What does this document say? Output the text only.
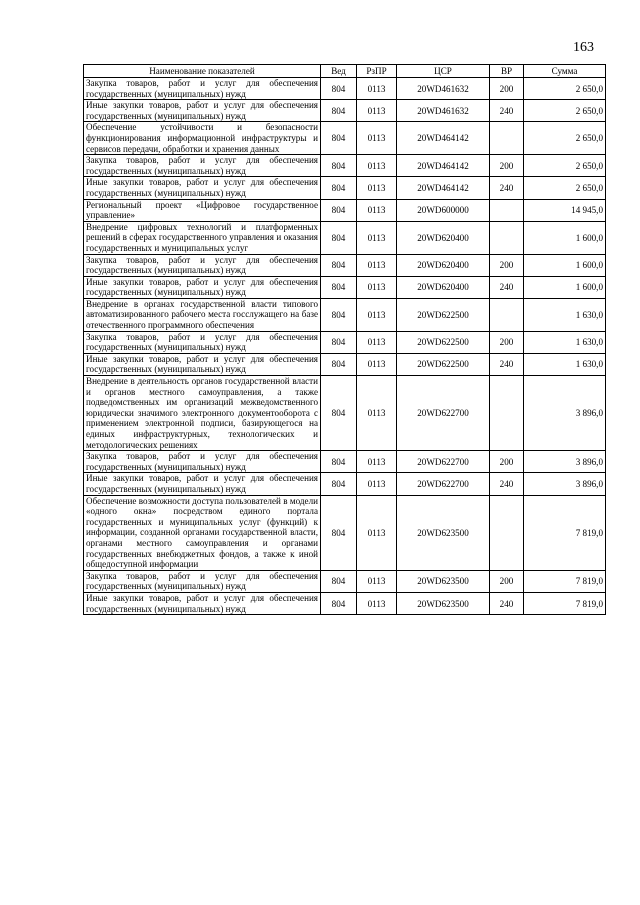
163
Наименование показателей	Вед	РзПР	ЦСР	ВР	Сумма
Закупка товаров, работ и услуг для обеспечения государственных (муниципальных) нужд	804	0113	20WD461632	200	2 650,0
Иные закупки товаров, работ и услуг для обеспечения государственных (муниципальных) нужд	804	0113	20WD461632	240	2 650,0
Обеспечение устойчивости и безопасности функционирования информационной инфраструктуры и сервисов передачи, обработки и хранения данных	804	0113	20WD464142		2 650,0
Закупка товаров, работ и услуг для обеспечения государственных (муниципальных) нужд	804	0113	20WD464142	200	2 650,0
Иные закупки товаров, работ и услуг для обеспечения государственных (муниципальных) нужд	804	0113	20WD464142	240	2 650,0
Региональный проект «Цифровое государственное управление»	804	0113	20WD600000		14 945,0
Внедрение цифровых технологий и платформенных решений в сферах государственного управления и оказания государственных и муниципальных услуг	804	0113	20WD620400		1 600,0
Закупка товаров, работ и услуг для обеспечения государственных (муниципальных) нужд	804	0113	20WD620400	200	1 600,0
Иные закупки товаров, работ и услуг для обеспечения государственных (муниципальных) нужд	804	0113	20WD620400	240	1 600,0
Внедрение в органах государственной власти типового автоматизированного рабочего места госслужащего на базе отечественного программного обеспечения	804	0113	20WD622500		1 630,0
Закупка товаров, работ и услуг для обеспечения государственных (муниципальных) нужд	804	0113	20WD622500	200	1 630,0
Иные закупки товаров, работ и услуг для обеспечения государственных (муниципальных) нужд	804	0113	20WD622500	240	1 630,0
Внедрение в деятельность органов государственной власти и органов местного самоуправления, а также подведомственных им организаций межведомственного юридически значимого электронного документооборота с применением электронной подписи, базирующегося на единых инфраструктурных, технологических и методологических решениях	804	0113	20WD622700		3 896,0
Закупка товаров, работ и услуг для обеспечения государственных (муниципальных) нужд	804	0113	20WD622700	200	3 896,0
Иные закупки товаров, работ и услуг для обеспечения государственных (муниципальных) нужд	804	0113	20WD622700	240	3 896,0
Обеспечение возможности доступа пользователей в модели «одного окна» посредством единого портала государственных и муниципальных услуг (функций) к информации, созданной органами государственной власти, органами местного самоуправления и органами государственных внебюджетных фондов, а также к иной общедоступной информации	804	0113	20WD623500		7 819,0
Закупка товаров, работ и услуг для обеспечения государственных (муниципальных) нужд	804	0113	20WD623500	200	7 819,0
Иные закупки товаров, работ и услуг для обеспечения государственных (муниципальных) нужд	804	0113	20WD623500	240	7 819,0
